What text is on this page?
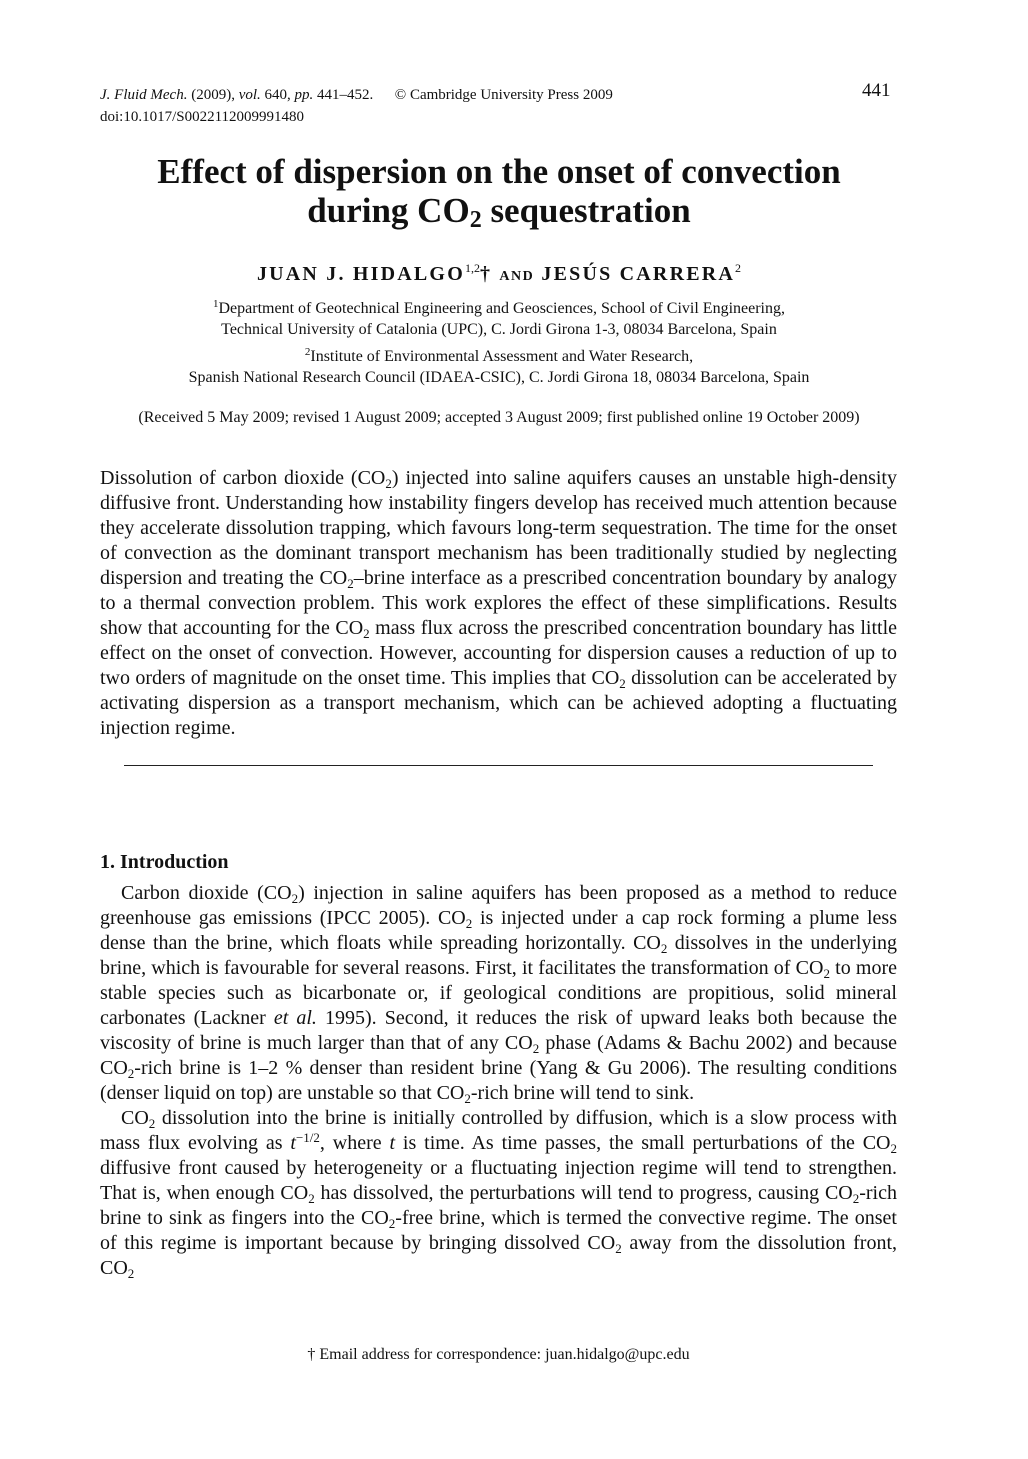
J. Fluid Mech. (2009), vol. 640, pp. 441–452. © Cambridge University Press 2009
doi:10.1017/S0022112009991480
441
Effect of dispersion on the onset of convection
during $CO_2$ sequestration
JUAN J. HIDALGO$^{1,2}$† AND JESÚS CARRERA$^2$
$^1$Department of Geotechnical Engineering and Geosciences, School of Civil Engineering,
Technical University of Catalonia (UPC), C. Jordi Girona 1-3, 08034 Barcelona, Spain
$^2$Institute of Environmental Assessment and Water Research,
Spanish National Research Council (IDAEA-CSIC), C. Jordi Girona 18, 08034 Barcelona, Spain
(Received 5 May 2009; revised 1 August 2009; accepted 3 August 2009; first published online 19 October 2009)
Dissolution of carbon dioxide $(CO_2)$ injected into saline aquifers causes an unstable high-density diffusive front. Understanding how instability fingers develop has received much attention because they accelerate dissolution trapping, which favours long-term sequestration. The time for the onset of convection as the dominant transport mechanism has been traditionally studied by neglecting dispersion and treating the $CO_2$–brine interface as a prescribed concentration boundary by analogy to a thermal convection problem. This work explores the effect of these simplifications. Results show that accounting for the $CO_2$ mass flux across the prescribed concentration boundary has little effect on the onset of convection. However, accounting for dispersion causes a reduction of up to two orders of magnitude on the onset time. This implies that $CO_2$ dissolution can be accelerated by activating dispersion as a transport mechanism, which can be achieved adopting a fluctuating injection regime.
1. Introduction

Carbon dioxide $(CO_2)$ injection in saline aquifers has been proposed as a method to reduce greenhouse gas emissions (IPCC 2005). $CO_2$ is injected under a cap rock forming a plume less dense than the brine, which floats while spreading horizontally. $CO_2$ dissolves in the underlying brine, which is favourable for several reasons. First, it facilitates the transformation of $CO_2$ to more stable species such as bicarbonate or, if geological conditions are propitious, solid mineral carbonates (Lackner et al. 1995). Second, it reduces the risk of upward leaks both because the viscosity of brine is much larger than that of any $CO_2$ phase (Adams & Bachu 2002) and because $CO_2$-rich brine is 1–2 % denser than resident brine (Yang & Gu 2006). The resulting conditions (denser liquid on top) are unstable so that $CO_2$-rich brine will tend to sink.

$CO_2$ dissolution into the brine is initially controlled by diffusion, which is a slow process with mass flux evolving as $t^{-1/2}$, where t is time. As time passes, the small perturbations of the $CO_2$ diffusive front caused by heterogeneity or a fluctuating injection regime will tend to strengthen. That is, when enough $CO_2$ has dissolved, the perturbations will tend to progress, causing $CO_2$-rich brine to sink as fingers into the $CO_2$-free brine, which is termed the convective regime. The onset of this regime is important because by bringing dissolved $CO_2$ away from the dissolution front, $CO_2$

† Email address for correspondence: juan.hidalgo@upc.edu
